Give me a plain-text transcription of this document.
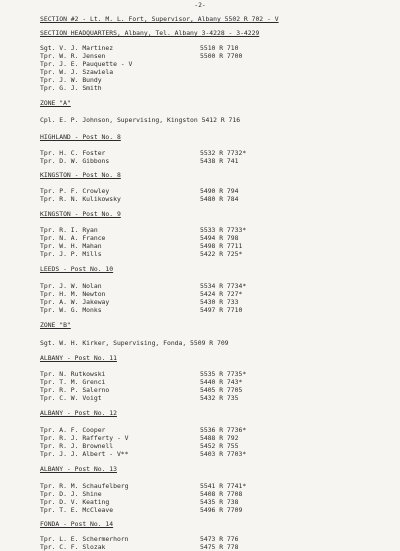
-2-
SECTION #2 - Lt. M. L. Fort, Supervisor, Albany 5502 R 702 - V
SECTION HEADQUARTERS, Albany, Tel. Albany 3-4228 - 3-4229
Sgt. V. J. Martinez	5510 R 710
Tpr. W. R. Jensen	5500 R 7700
Tpr. J. E. Pauquette - V
Tpr. W. J. Szawiela
Tpr. J. W. Bundy
Tpr. G. J. Smith
ZONE "A"
Cpl. E. P. Johnson, Supervising, Kingston 5412 R 716
HIGHLAND - Post No. 8
Tpr. H. C. Foster	5532 R 7732*
Tpr. D. W. Gibbons	5438 R 741
KINGSTON - Post No. 8
Tpr. P. F. Crowley	5490 R 794
Tpr. R. N. Kulikowsky	5480 R 784
KINGSTON - Post No. 9
Tpr. R. I. Ryan	5533 R 7733*
Tpr. N. A. France	5494 R 798
Tpr. W. H. Mahan	5498 R 7711
Tpr. J. P. Mills	5422 R 725*
LEEDS - Post No. 10
Tpr. J. W. Nolan	5534 R 7734*
Tpr. H. M. Newton	5424 R 727*
Tpr. A. W. Jakeway	5430 R 733
Tpr. W. G. Monks	5497 R 7710
ZONE "B"
Sgt. W. H. Kirker, Supervising, Fonda, 5509 R 709
ALBANY - Post No. 11
Tpr. N. Rutkowski	5535 R 7735*
Tpr. T. M. Grenci	5440 R 743*
Tpr. R. P. Salerno	5405 R 7705
Tpr. C. W. Voigt	5432 R 735
ALBANY - Post No. 12
Tpr. A. F. Cooper	5536 R 7736*
Tpr. R. J. Rafferty - V	5488 R 792
Tpr. R. J. Brownell	5452 R 755
Tpr. J. J. Albert - V**	5403 R 7703*
ALBANY - Post No. 13
Tpr. R. M. Schaufelberg	5541 R 7741*
Tpr. D. J. Shine	5408 R 7708
Tpr. D. V. Keating	5435 R 738
Tpr. T. E. McCleave	5496 R 7709
FONDA - Post No. 14
Tpr. L. E. Schermerhorn	5473 R 776
Tpr. C. F. Slozak	5475 R 778
